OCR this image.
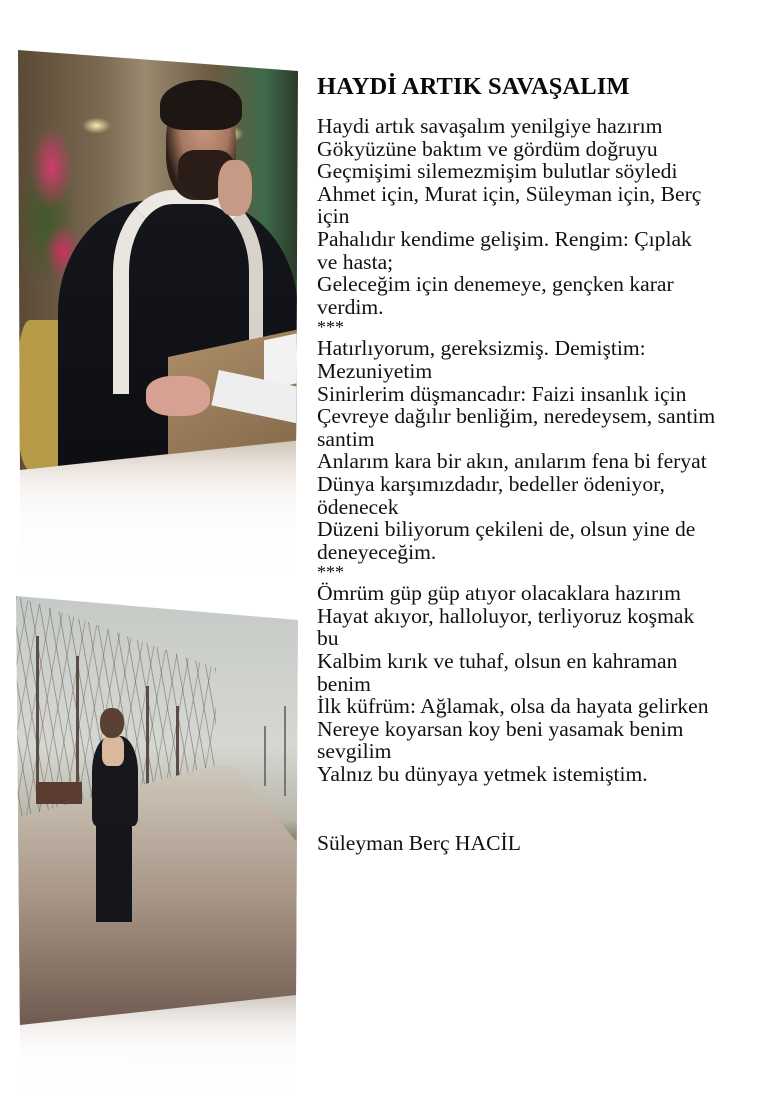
HAYDİ ARTIK SAVAŞALIM
Haydi artık savaşalım yenilgiye hazırım
Gökyüzüne baktım ve gördüm doğruyu
Geçmişimi silemezmişim bulutlar söyledi
Ahmet için, Murat için, Süleyman için, Berç
için
Pahalıdır kendime gelişim. Rengim: Çıplak
ve hasta;
Geleceğim için denemeye, gençken karar
verdim.
***
Hatırlıyorum, gereksizmiş. Demiştim:
Mezuniyetim
Sinirlerim düşmancadır: Faizi insanlık için
Çevreye dağılır benliğim, neredeysem, santim
santim
Anlarım kara bir akın, anılarım fena bi feryat
Dünya karşımızdadır, bedeller ödeniyor,
ödenecek
Düzeni biliyorum çekileni de, olsun yine de
deneyeceğim.
***
Ömrüm güp güp atıyor olacaklara hazırım
Hayat akıyor, halloluyor, terliyoruz koşmak
bu
Kalbim kırık ve tuhaf, olsun en kahraman
benim
İlk küfrüm: Ağlamak, olsa da hayata gelirken
Nereye koyarsan koy beni yasamak benim
sevgilim
Yalnız bu dünyaya yetmek istemiştim.
Süleyman Berç HACİL
